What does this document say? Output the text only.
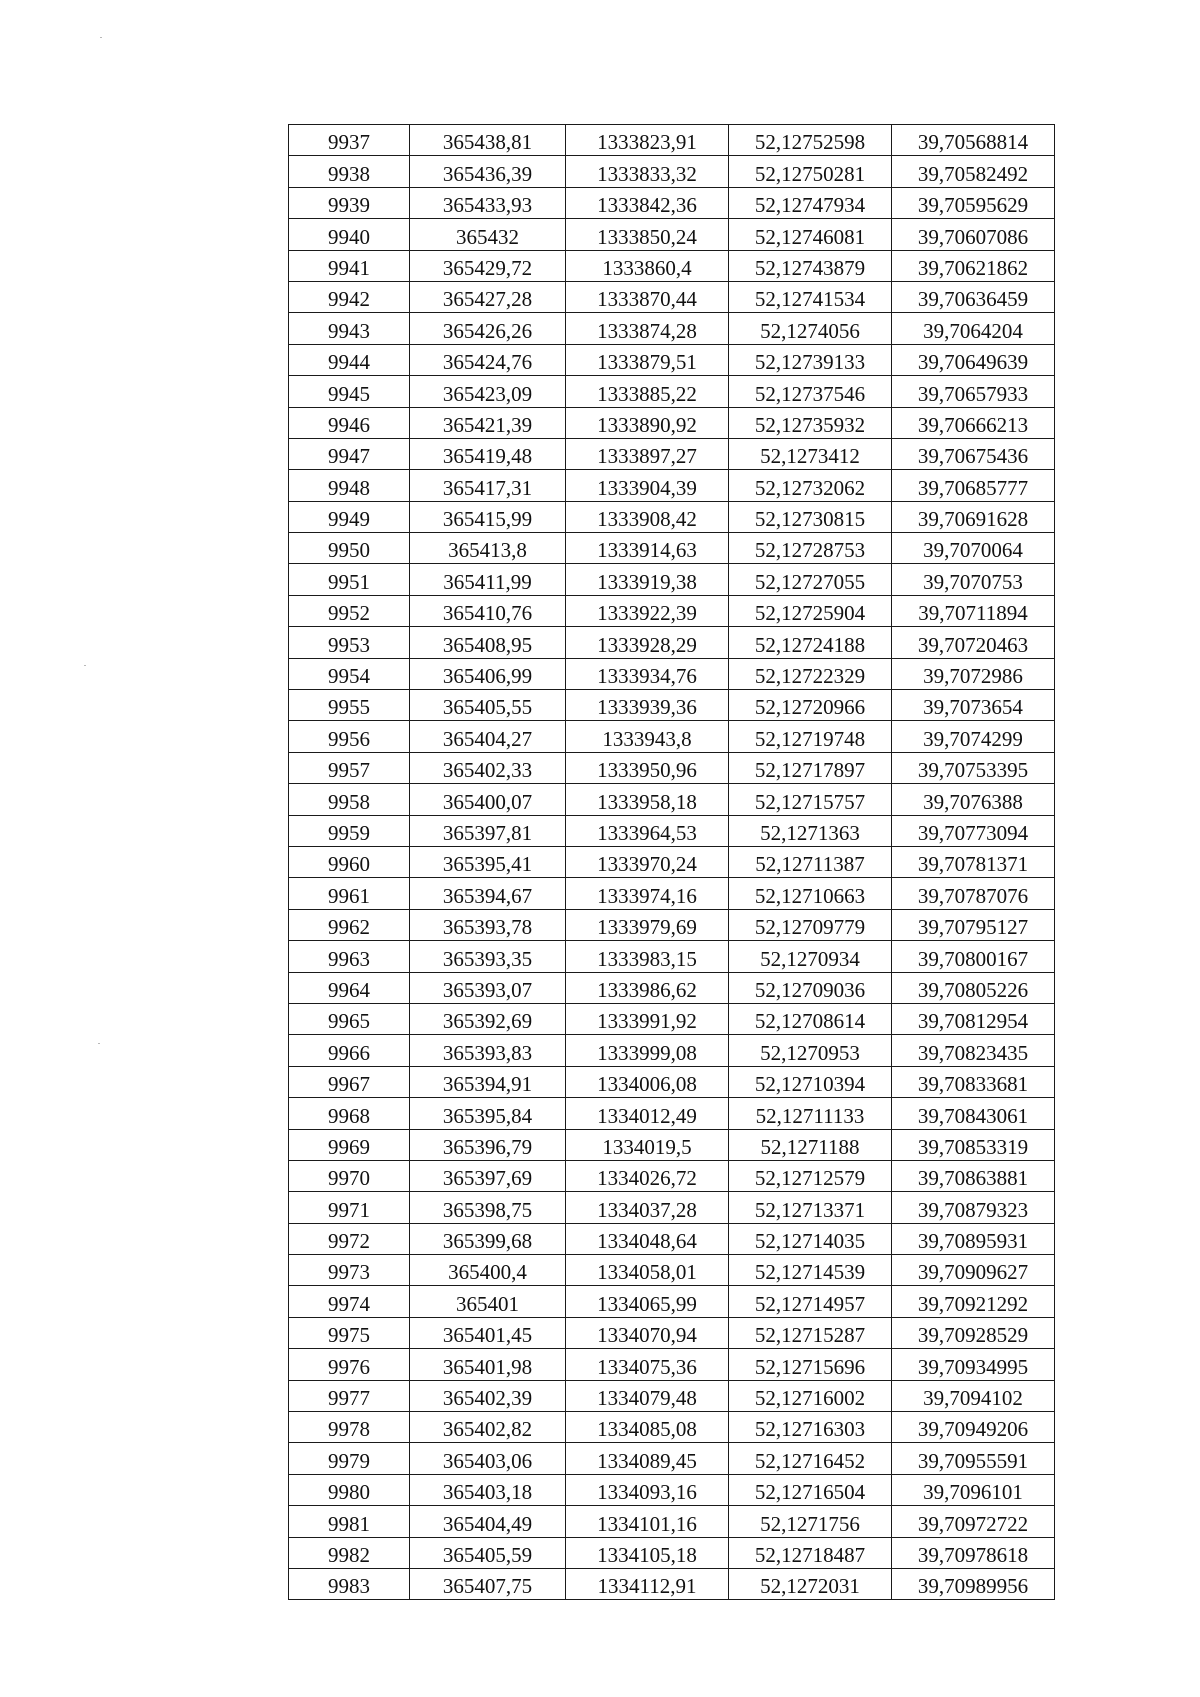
9937	365438,81	1333823,91	52,12752598	39,70568814
9938	365436,39	1333833,32	52,12750281	39,70582492
9939	365433,93	1333842,36	52,12747934	39,70595629
9940	365432	1333850,24	52,12746081	39,70607086
9941	365429,72	1333860,4	52,12743879	39,70621862
9942	365427,28	1333870,44	52,12741534	39,70636459
9943	365426,26	1333874,28	52,1274056	39,7064204
9944	365424,76	1333879,51	52,12739133	39,70649639
9945	365423,09	1333885,22	52,12737546	39,70657933
9946	365421,39	1333890,92	52,12735932	39,70666213
9947	365419,48	1333897,27	52,1273412	39,70675436
9948	365417,31	1333904,39	52,12732062	39,70685777
9949	365415,99	1333908,42	52,12730815	39,70691628
9950	365413,8	1333914,63	52,12728753	39,7070064
9951	365411,99	1333919,38	52,12727055	39,7070753
9952	365410,76	1333922,39	52,12725904	39,70711894
9953	365408,95	1333928,29	52,12724188	39,70720463
9954	365406,99	1333934,76	52,12722329	39,7072986
9955	365405,55	1333939,36	52,12720966	39,7073654
9956	365404,27	1333943,8	52,12719748	39,7074299
9957	365402,33	1333950,96	52,12717897	39,70753395
9958	365400,07	1333958,18	52,12715757	39,7076388
9959	365397,81	1333964,53	52,1271363	39,70773094
9960	365395,41	1333970,24	52,12711387	39,70781371
9961	365394,67	1333974,16	52,12710663	39,70787076
9962	365393,78	1333979,69	52,12709779	39,70795127
9963	365393,35	1333983,15	52,1270934	39,70800167
9964	365393,07	1333986,62	52,12709036	39,70805226
9965	365392,69	1333991,92	52,12708614	39,70812954
9966	365393,83	1333999,08	52,1270953	39,70823435
9967	365394,91	1334006,08	52,12710394	39,70833681
9968	365395,84	1334012,49	52,12711133	39,70843061
9969	365396,79	1334019,5	52,1271188	39,70853319
9970	365397,69	1334026,72	52,12712579	39,70863881
9971	365398,75	1334037,28	52,12713371	39,70879323
9972	365399,68	1334048,64	52,12714035	39,70895931
9973	365400,4	1334058,01	52,12714539	39,70909627
9974	365401	1334065,99	52,12714957	39,70921292
9975	365401,45	1334070,94	52,12715287	39,70928529
9976	365401,98	1334075,36	52,12715696	39,70934995
9977	365402,39	1334079,48	52,12716002	39,7094102
9978	365402,82	1334085,08	52,12716303	39,70949206
9979	365403,06	1334089,45	52,12716452	39,70955591
9980	365403,18	1334093,16	52,12716504	39,7096101
9981	365404,49	1334101,16	52,1271756	39,70972722
9982	365405,59	1334105,18	52,12718487	39,70978618
9983	365407,75	1334112,91	52,1272031	39,70989956
